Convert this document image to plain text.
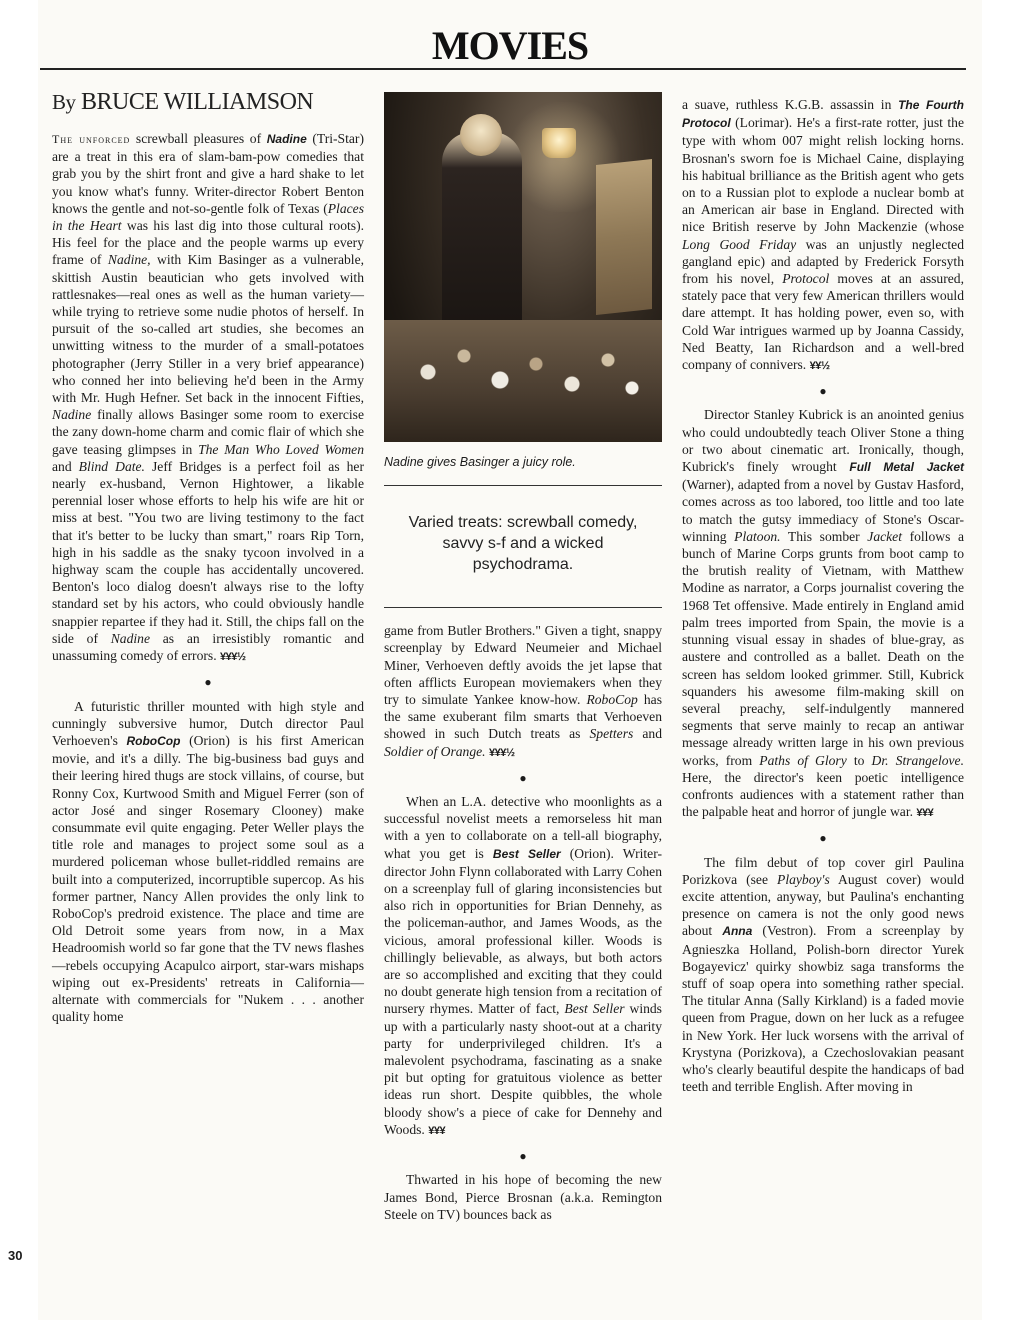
MOVIES
By BRUCE WILLIAMSON

The unforced screwball pleasures of Nadine (Tri-Star) are a treat in this era of slam-bam-pow comedies that grab you by the shirt front and give a hard shake to let you know what's funny. Writer-director Robert Benton knows the gentle and not-so-gentle folk of Texas (Places in the Heart was his last dig into those cultural roots). His feel for the place and the people warms up every frame of Nadine, with Kim Basinger as a vulnerable, skittish Austin beautician who gets involved with rattlesnakes—real ones as well as the human variety—while trying to retrieve some nudie photos of herself. In pursuit of the so-called art studies, she becomes an unwitting witness to the murder of a small-potatoes photographer (Jerry Stiller in a very brief appearance) who conned her into believing he'd been in the Army with Mr. Hugh Hefner. Set back in the innocent Fifties, Nadine finally allows Basinger some room to exercise the zany down-home charm and comic flair of which she gave teasing glimpses in The Man Who Loved Women and Blind Date. Jeff Bridges is a perfect foil as her nearly ex-husband, Vernon Hightower, a likable perennial loser whose efforts to help his wife are hit or miss at best. "You two are living testimony to the fact that it's better to be lucky than smart," roars Rip Torn, high in his saddle as the snaky tycoon involved in a highway scam the couple has accidentally uncovered. Benton's loco dialog doesn't always rise to the lofty standard set by his actors, who could obviously handle snappier repartee if they had it. Still, the chips fall on the side of Nadine as an irresistibly romantic and unassuming comedy of errors. ¥¥¥½

●

A futuristic thriller mounted with high style and cunningly subversive humor, Dutch director Paul Verhoeven's RoboCop (Orion) is his first American movie, and it's a dilly. The big-business bad guys and their leering hired thugs are stock villains, of course, but Ronny Cox, Kurtwood Smith and Miguel Ferrer (son of actor José and singer Rosemary Clooney) make consummate evil quite engaging. Peter Weller plays the title role and manages to project some soul as a murdered policeman whose bullet-riddled remains are built into a computerized, incorruptible supercop. As his former partner, Nancy Allen provides the only link to RoboCop's predroid existence. The place and time are Old Detroit some years from now, in a Max Headroomish world so far gone that the TV news flashes—rebels occupying Acapulco airport, star-wars mishaps wiping out ex-Presidents' retreats in California—alternate with commercials for "Nukem . . . another quality home

Nadine gives Basinger a juicy role.
Varied treats: screwball comedy, savvy s-f and a wicked psychodrama.

game from Butler Brothers." Given a tight, snappy screenplay by Edward Neumeier and Michael Miner, Verhoeven deftly avoids the jet lapse that often afflicts European moviemakers when they try to simulate Yankee know-how. RoboCop has the same exuberant film smarts that Verhoeven showed in such Dutch treats as Spetters and Soldier of Orange. ¥¥¥½

●

When an L.A. detective who moonlights as a successful novelist meets a remorseless hit man with a yen to collaborate on a tell-all biography, what you get is Best Seller (Orion). Writer-director John Flynn collaborated with Larry Cohen on a screenplay full of glaring inconsistencies but also rich in opportunities for Brian Dennehy, as the policeman-author, and James Woods, as the vicious, amoral professional killer. Woods is chillingly believable, as always, but both actors are so accomplished and exciting that they could no doubt generate high tension from a recitation of nursery rhymes. Matter of fact, Best Seller winds up with a particularly nasty shoot-out at a charity party for underprivileged children. It's a malevolent psychodrama, fascinating as a snake pit but opting for gratuitous violence as better ideas run short. Despite quibbles, the whole bloody show's a piece of cake for Dennehy and Woods. ¥¥¥

●

Thwarted in his hope of becoming the new James Bond, Pierce Brosnan (a.k.a. Remington Steele on TV) bounces back as

a suave, ruthless K.G.B. assassin in The Fourth Protocol (Lorimar). He's a first-rate rotter, just the type with whom 007 might relish locking horns. Brosnan's sworn foe is Michael Caine, displaying his habitual brilliance as the British agent who gets on to a Russian plot to explode a nuclear bomb at an American air base in England. Directed with nice British reserve by John Mackenzie (whose Long Good Friday was an unjustly neglected gangland epic) and adapted by Frederick Forsyth from his novel, Protocol moves at an assured, stately pace that very few American thrillers would dare attempt. It has holding power, even so, with Cold War intrigues warmed up by Joanna Cassidy, Ned Beatty, Ian Richardson and a well-bred company of connivers. ¥¥½

●

Director Stanley Kubrick is an anointed genius who could undoubtedly teach Oliver Stone a thing or two about cinematic art. Ironically, though, Kubrick's finely wrought Full Metal Jacket (Warner), adapted from a novel by Gustav Hasford, comes across as too labored, too little and too late to match the gutsy immediacy of Stone's Oscar-winning Platoon. This somber Jacket follows a bunch of Marine Corps grunts from boot camp to the brutish reality of Vietnam, with Matthew Modine as narrator, a Corps journalist covering the 1968 Tet offensive. Made entirely in England amid palm trees imported from Spain, the movie is a stunning visual essay in shades of blue-gray, as austere and controlled as a ballet. Death on the screen has seldom looked grimmer. Still, Kubrick squanders his awesome film-making skill on several preachy, self-indulgently mannered segments that serve mainly to recap an antiwar message already written large in his own previous works, from Paths of Glory to Dr. Strangelove. Here, the director's keen poetic intelligence confronts audiences with a statement rather than the palpable heat and horror of jungle war. ¥¥¥

●

The film debut of top cover girl Paulina Porizkova (see Playboy's August cover) would excite attention, anyway, but Paulina's enchanting presence on camera is not the only good news about Anna (Vestron). From a screenplay by Agnieszka Holland, Polish-born director Yurek Bogayevicz' quirky showbiz saga transforms the stuff of soap opera into something rather special. The titular Anna (Sally Kirkland) is a faded movie queen from Prague, down on her luck as a refugee in New York. Her luck worsens with the arrival of Krystyna (Porizkova), a Czechoslovakian peasant who's clearly beautiful despite the handicaps of bad teeth and terrible English. After moving in

30
